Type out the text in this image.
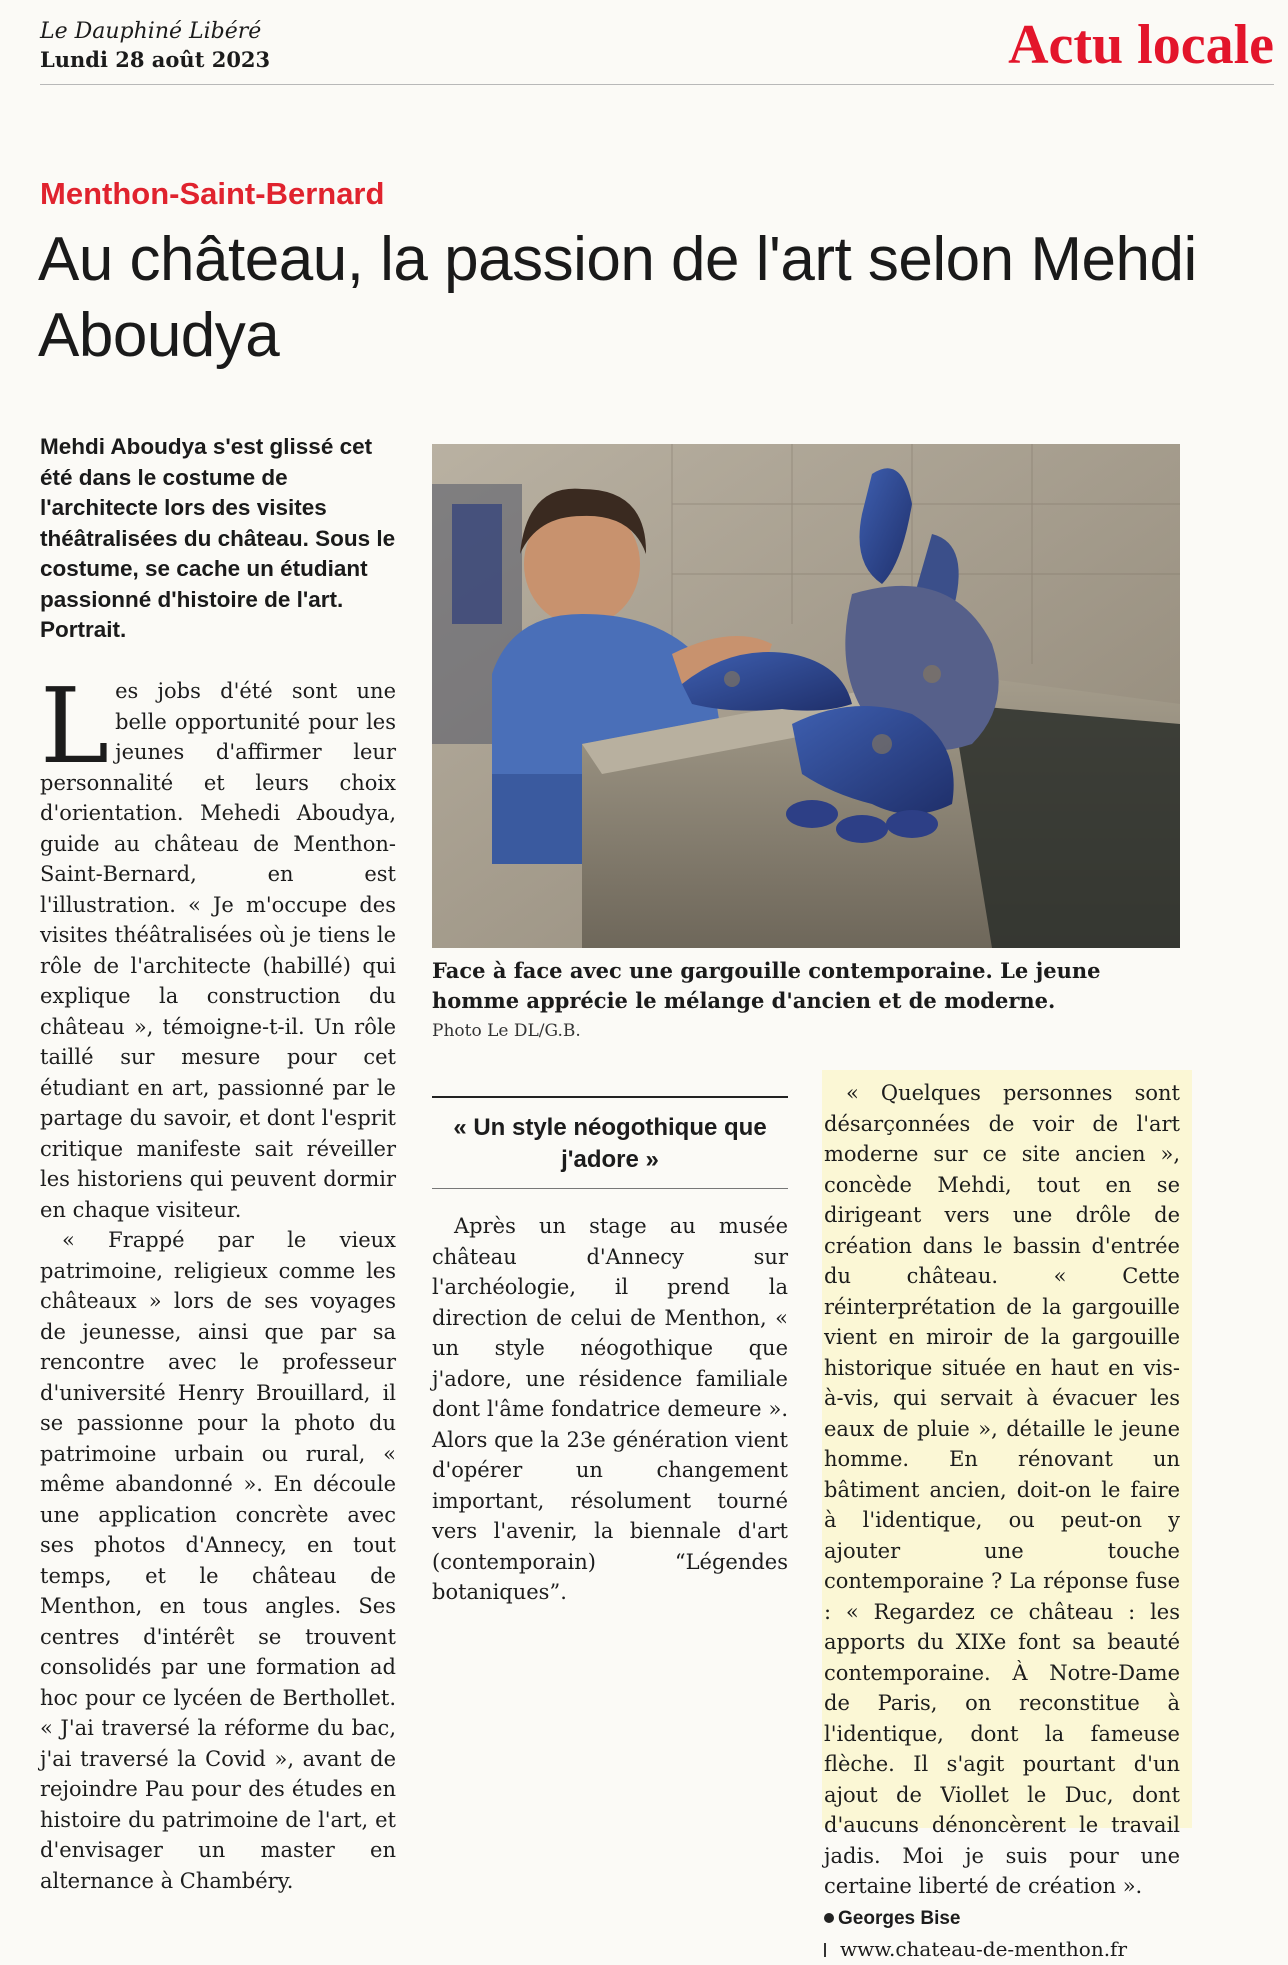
Le Dauphiné Libéré
Lundi 28 août 2023	Actu locale
Menthon-Saint-Bernard
Au château, la passion de l'art selon Mehdi Aboudya
Mehdi Aboudya s'est glissé cet été dans le costume de l'architecte lors des visites théâtralisées du château. Sous le costume, se cache un étudiant passionné d'histoire de l'art. Portrait.
Face à face avec une gargouille contemporaine. Le jeune homme apprécie le mélange d'ancien et de moderne.
Photo Le DL/G.B.

Les jobs d'été sont une belle opportunité pour les jeunes d'affirmer leur personnalité et leurs choix d'orientation. Mehedi Aboudya, guide au château de Menthon-Saint-Bernard, en est l'illustration. « Je m'occupe des visites théâtralisées où je tiens le rôle de l'architecte (habillé) qui explique la construction du château », témoigne-t-il. Un rôle taillé sur mesure pour cet étudiant en art, passionné par le partage du savoir, et dont l'esprit critique manifeste sait réveiller les historiens qui peuvent dormir en chaque visiteur.

« Frappé par le vieux patrimoine, religieux comme les châteaux » lors de ses voyages de jeunesse, ainsi que par sa rencontre avec le professeur d'université Henry Brouillard, il se passionne pour la photo du patrimoine urbain ou rural, « même abandonné ». En découle une application concrète avec ses photos d'Annecy, en tout temps, et le château de Menthon, en tous angles. Ses centres d'intérêt se trouvent consolidés par une formation ad hoc pour ce lycéen de Berthollet. « J'ai traversé la réforme du bac, j'ai traversé la Covid », avant de rejoindre Pau pour des études en histoire du patrimoine de l'art, et d'envisager un master en alternance à Chambéry.

« Un style néogothique que j'adore »

Après un stage au musée château d'Annecy sur l'archéologie, il prend la direction de celui de Menthon, « un style néogothique que j'adore, une résidence familiale dont l'âme fondatrice demeure ». Alors que la 23e génération vient d'opérer un changement important, résolument tourné vers l'avenir, la biennale d'art (contemporain) “Légendes botaniques”.

« Quelques personnes sont désarçonnées de voir de l'art moderne sur ce site ancien », concède Mehdi, tout en se dirigeant vers une drôle de création dans le bassin d'entrée du château. « Cette réinterprétation de la gargouille vient en miroir de la gargouille historique située en haut en vis-à-vis, qui servait à évacuer les eaux de pluie », détaille le jeune homme. En rénovant un bâtiment ancien, doit-on le faire à l'identique, ou peut-on y ajouter une touche contemporaine ? La réponse fuse : « Regardez ce château : les apports du XIXe font sa beauté contemporaine. À Notre-Dame de Paris, on reconstitue à l'identique, dont la fameuse flèche. Il s'agit pourtant d'un ajout de Viollet le Duc, dont d'aucuns dénoncèrent le travail jadis. Moi je suis pour une certaine liberté de création ».

Georges Bise
www.chateau-de-menthon.fr
